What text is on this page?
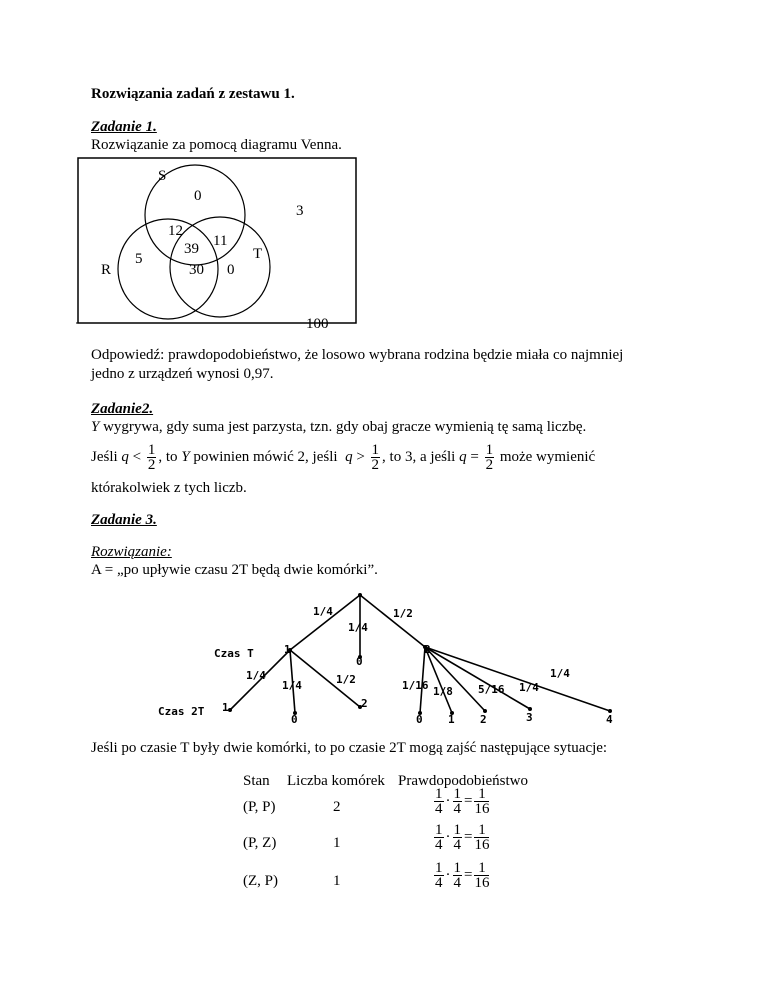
Rozwiązania zadań z zestawu 1.
Zadanie 1.
Rozwiązanie za pomocą diagramu Venna.
S
0
3
12
11
39	T
5
R	30 0
100
Odpowiedź: prawdopodobieństwo, że losowo wybrana rodzina będzie miała co najmniej
jedno z urządzeń wynosi 0,97.
Zadanie2.
Y wygrywa, gdy suma jest parzysta, tzn. gdy obaj gracze wymienią tę samą liczbę.
Jeśli $q < \frac{1}{2}$ , to Y powinien mówić 2, jeśli $q > \frac{1}{2}$ , to 3, a jeśli $q = \frac{1}{2}$ może wymienić
którakolwiek z tych liczb.
Zadanie 3.
Rozwiązanie:
A = „po upływie czasu 2T będą dwie komórki”.
Czas T
Czas 2T
1/4
1/4
1/2
1
0
2
1/4
1/4	1/2
1
0
2
1/16 1/8 5/16 1/4
1/4
0 1 2	3	4
Jeśli po czasie T były dwie komórki, to po czasie 2T mogą zajść następujące sytuacje:
Stan Liczba komórek Prawdopodobieństwo
(P, P)	2	$\frac{1}{4} \cdot \frac{1}{4} = \frac{1}{16}$
(P, Z)	1	$\frac{1}{4} \cdot \frac{1}{4} = \frac{1}{16}$
(Z, P)	1	$\frac{1}{4} \cdot \frac{1}{4} = \frac{1}{16}$
